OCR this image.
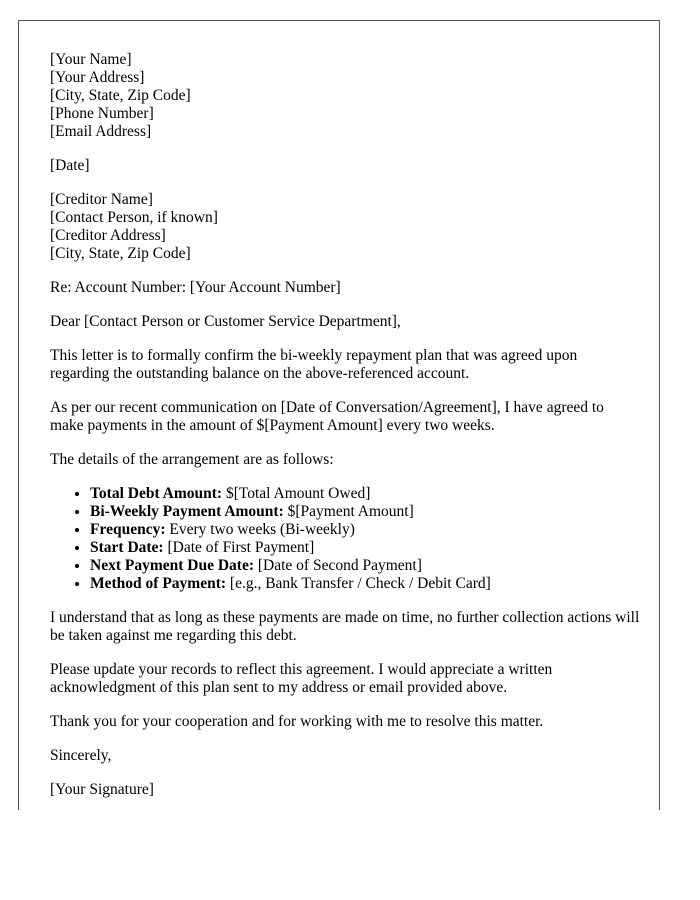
[Your Name]
[Your Address]
[City, State, Zip Code]
[Phone Number]
[Email Address]
[Date]
[Creditor Name]
[Contact Person, if known]
[Creditor Address]
[City, State, Zip Code]

Re: Account Number: [Your Account Number]

Dear [Contact Person or Customer Service Department],

This letter is to formally confirm the bi-weekly repayment plan that was agreed upon regarding the outstanding balance on the above-referenced account.

As per our recent communication on [Date of Conversation/Agreement], I have agreed to make payments in the amount of $[Payment Amount] every two weeks.

The details of the arrangement are as follows:

• Total Debt Amount: $[Total Amount Owed]
• Bi-Weekly Payment Amount: $[Payment Amount]
• Frequency: Every two weeks (Bi-weekly)
• Start Date: [Date of First Payment]
• Next Payment Due Date: [Date of Second Payment]
• Method of Payment: [e.g., Bank Transfer / Check / Debit Card]

I understand that as long as these payments are made on time, no further collection actions will be taken against me regarding this debt.

Please update your records to reflect this agreement. I would appreciate a written acknowledgment of this plan sent to my address or email provided above.

Thank you for your cooperation and for working with me to resolve this matter.

Sincerely,

[Your Signature]
